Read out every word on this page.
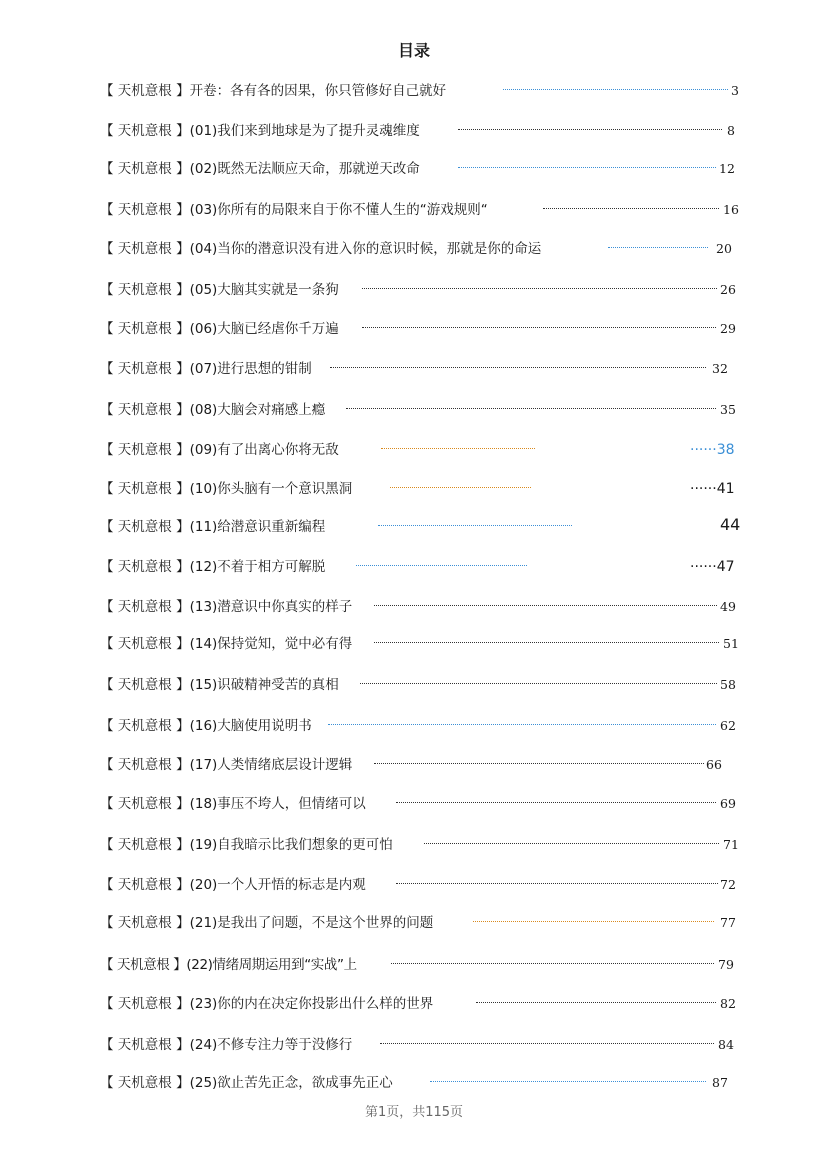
目录
【 天机意根 】开卷：各有各的因果，你只管修好自己就好	3
【 天机意根 】(01)我们来到地球是为了提升灵魂维度	8
【 天机意根 】(02)既然无法顺应天命，那就逆天改命	12
【 天机意根 】(03)你所有的局限来自于你不懂人生的“游戏规则“	16
【 天机意根 】(04)当你的潜意识没有进入你的意识时候，那就是你的命运	20
【 天机意根 】(05)大脑其实就是一条狗	26
【 天机意根 】(06)大脑已经虐你千万遍	29
【 天机意根 】(07)进行思想的钳制	32
【 天机意根 】(08)大脑会对痛感上瘾	35
【 天机意根 】(09)有了出离心你将无敌	······38
【 天机意根 】(10)你头脑有一个意识黑洞	······41
【 天机意根 】(11)给潜意识重新编程	44
【 天机意根 】(12)不着于相方可解脱	······47
【 天机意根 】(13)潜意识中你真实的样子	49
【 天机意根 】(14)保持觉知，觉中必有得	51
【 天机意根 】(15)识破精神受苦的真相	58
【 天机意根 】(16)大脑使用说明书	62
【 天机意根 】(17)人类情绪底层设计逻辑	66
【 天机意根 】(18)事压不垮人，但情绪可以	69
【 天机意根 】(19)自我暗示比我们想象的更可怕	71
【 天机意根 】(20)一个人开悟的标志是内观	72
【 天机意根 】(21)是我出了问题，不是这个世界的问题	77
【 天机意根 】(22)情绪周期运用到“实战”上	79
【 天机意根 】(23)你的内在决定你投影出什么样的世界	82
【 天机意根 】(24)不修专注力等于没修行	84
【 天机意根 】(25)欲止苦先正念，欲成事先正心	87
第1页，共115页
